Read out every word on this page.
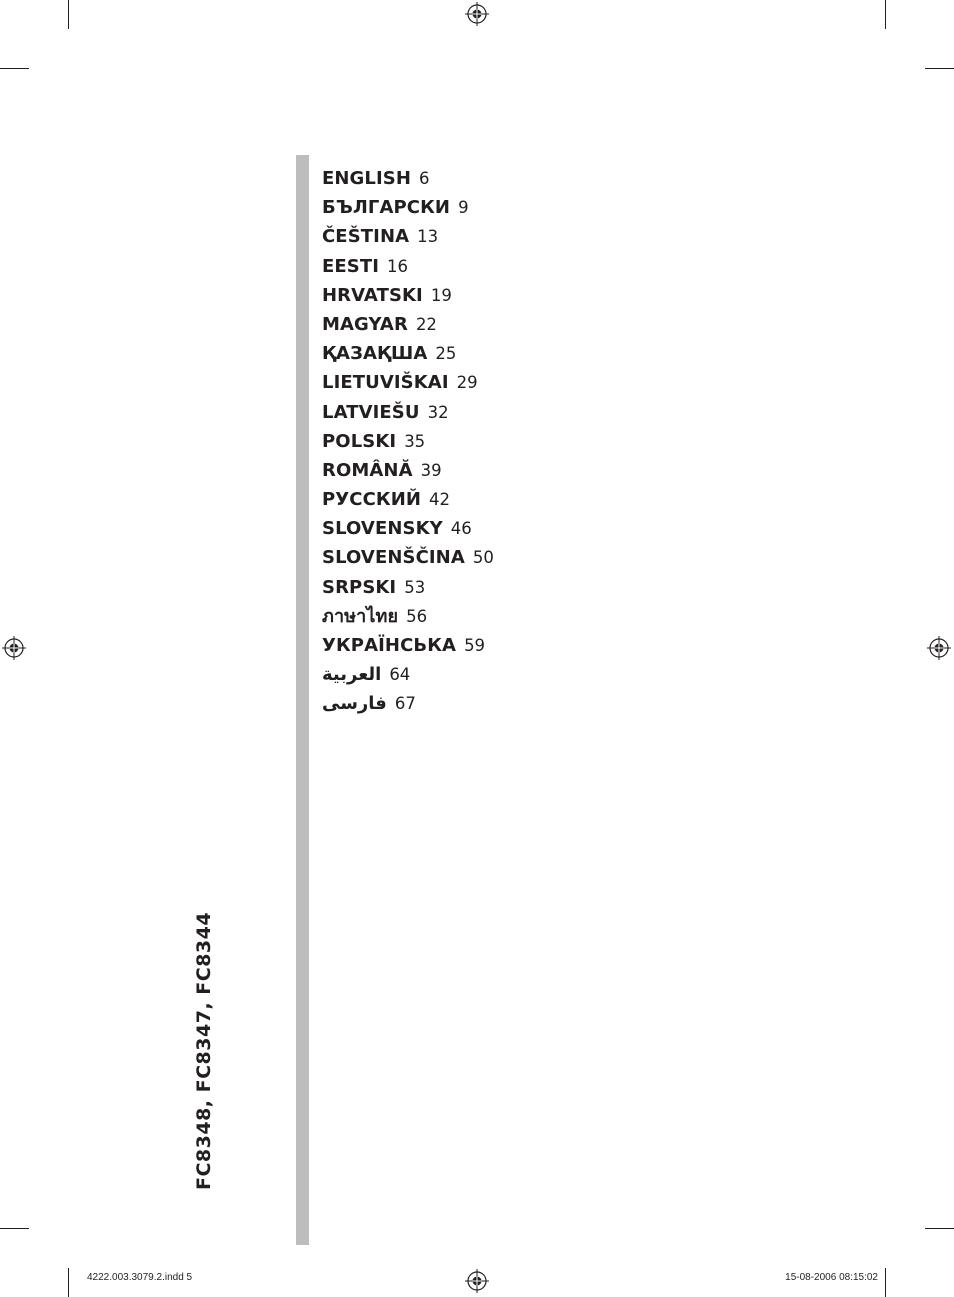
FC8348, FC8347, FC8344
ENGLISH 6
БЪЛГАРСКИ 9
ČEŠTINA 13
EESTI 16
HRVATSKI 19
MAGYAR 22
ҚАЗАҚША 25
LIETUVIŠKAI 29
LATVIEŠU 32
POLSKI 35
ROMÂNĂ 39
РУССКИЙ 42
SLOVENSKY 46
SLOVENŠČINA 50
SRPSKI 53
ภาษาไทย 56
УКРАЇНСЬКА 59
العربية 64
فارسی 67
4222.003.3079.2.indd 5	15-08-2006 08:15:02
